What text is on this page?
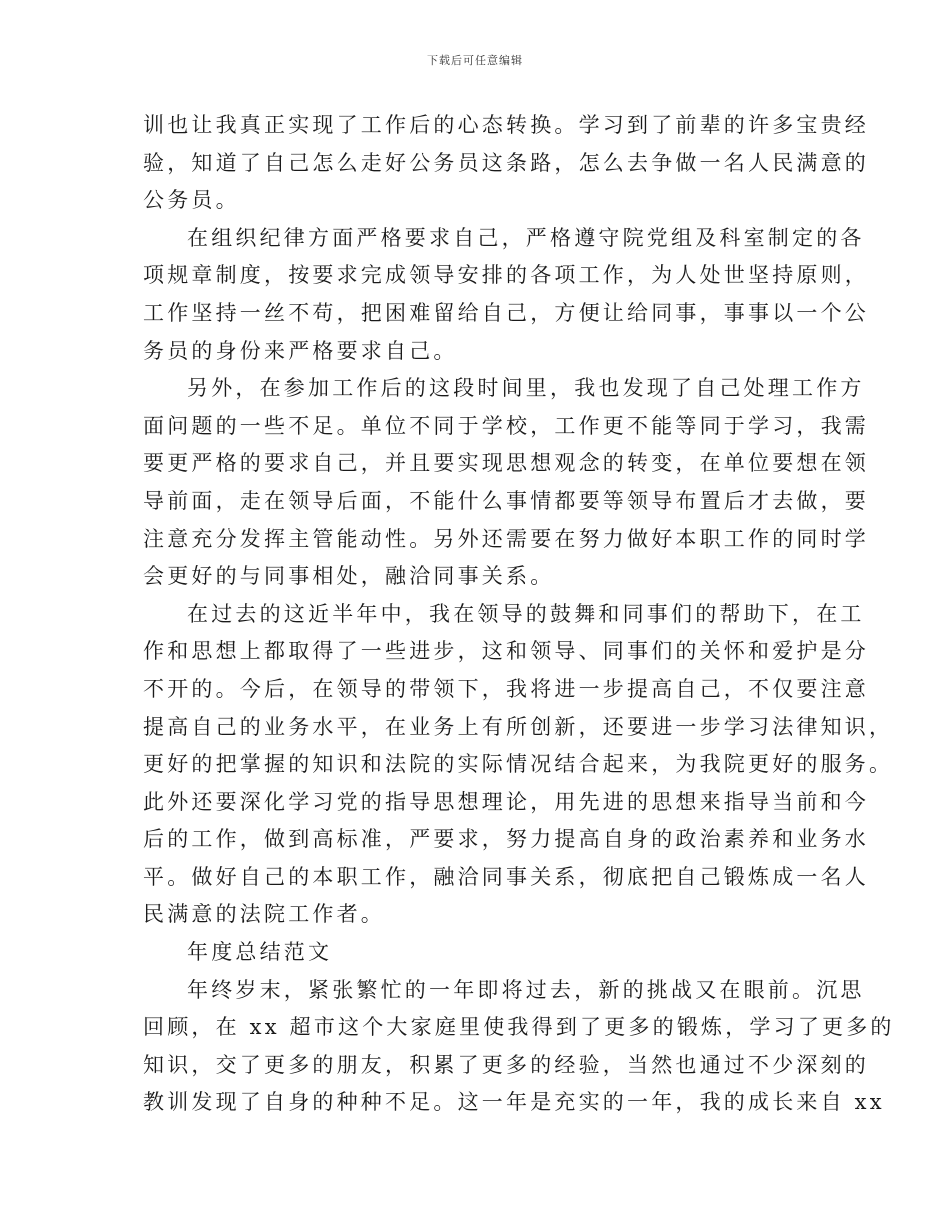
下载后可任意编辑
训也让我真正实现了工作后的心态转换。学习到了前辈的许多宝贵经
验，知道了自己怎么走好公务员这条路，怎么去争做一名人民满意的
公务员。
在组织纪律方面严格要求自己，严格遵守院党组及科室制定的各
项规章制度，按要求完成领导安排的各项工作，为人处世坚持原则，
工作坚持一丝不苟，把困难留给自己，方便让给同事，事事以一个公
务员的身份来严格要求自己。
另外，在参加工作后的这段时间里，我也发现了自己处理工作方
面问题的一些不足。单位不同于学校，工作更不能等同于学习，我需
要更严格的要求自己，并且要实现思想观念的转变，在单位要想在领
导前面，走在领导后面，不能什么事情都要等领导布置后才去做，要
注意充分发挥主管能动性。另外还需要在努力做好本职工作的同时学
会更好的与同事相处，融洽同事关系。
在过去的这近半年中，我在领导的鼓舞和同事们的帮助下，在工
作和思想上都取得了一些进步，这和领导、同事们的关怀和爱护是分
不开的。今后，在领导的带领下，我将进一步提高自己，不仅要注意
提高自己的业务水平，在业务上有所创新，还要进一步学习法律知识，
更好的把掌握的知识和法院的实际情况结合起来，为我院更好的服务。
此外还要深化学习党的指导思想理论，用先进的思想来指导当前和今
后的工作，做到高标准，严要求，努力提高自身的政治素养和业务水
平。做好自己的本职工作，融洽同事关系，彻底把自己锻炼成一名人
民满意的法院工作者。
年度总结范文
年终岁末，紧张繁忙的一年即将过去，新的挑战又在眼前。沉思
回顾，在 xx 超市这个大家庭里使我得到了更多的锻炼，学习了更多的
知识，交了更多的朋友，积累了更多的经验，当然也通过不少深刻的
教训发现了自身的种种不足。这一年是充实的一年，我的成长来自 xx
